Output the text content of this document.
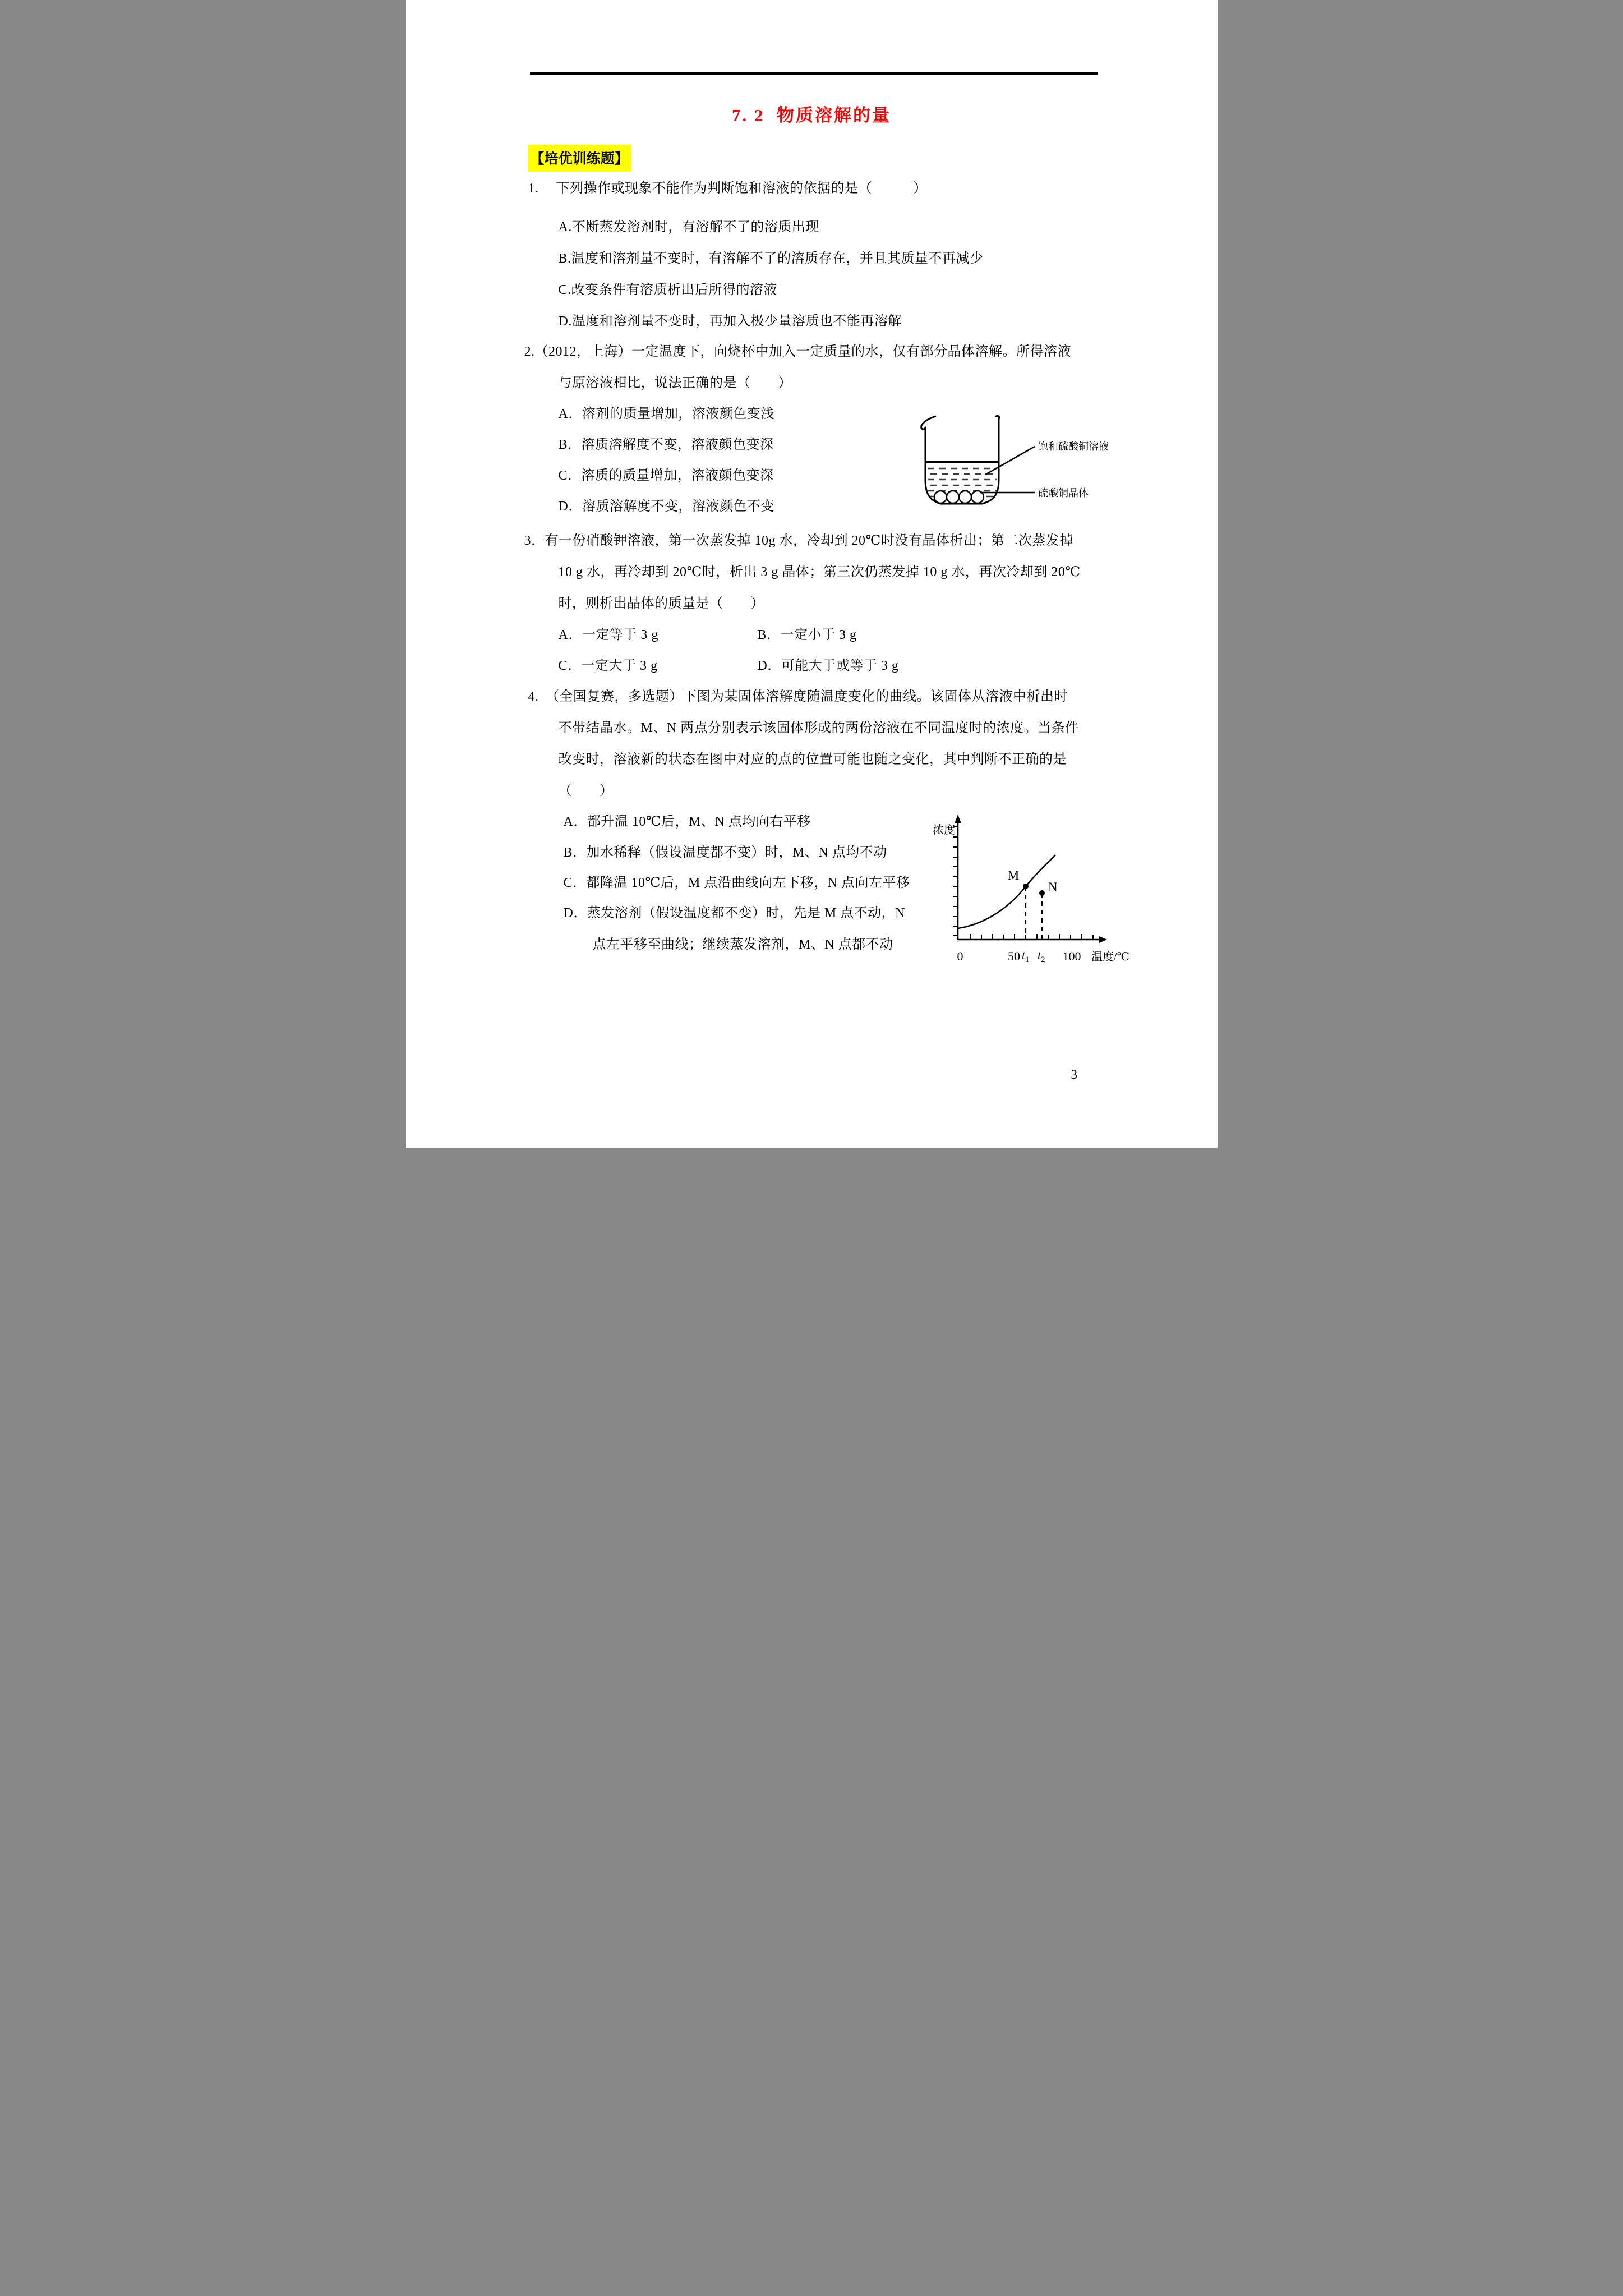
7. 2  物质溶解的量
【培优训练题】
1.　 下列操作或现象不能作为判断饱和溶液的依据的是（　　　）
A.不断蒸发溶剂时，有溶解不了的溶质出现
B.温度和溶剂量不变时，有溶解不了的溶质存在，并且其质量不再减少
C.改变条件有溶质析出后所得的溶液
D.温度和溶剂量不变时，再加入极少量溶质也不能再溶解
2.（2012，上海）一定温度下，向烧杯中加入一定质量的水，仅有部分晶体溶解。所得溶液
与原溶液相比，说法正确的是（　　）
A．溶剂的质量增加，溶液颜色变浅
B．溶质溶解度不变，溶液颜色变深
C．溶质的质量增加，溶液颜色变深
D．溶质溶解度不变，溶液颜色不变
饱和硫酸铜溶液
硫酸铜晶体
3．有一份硝酸钾溶液，第一次蒸发掉 10g 水，冷却到 20℃时没有晶体析出；第二次蒸发掉
10 g 水，再冷却到 20℃时，析出 3 g 晶体；第三次仍蒸发掉 10 g 水，再次冷却到 20℃
时，则析出晶体的质量是（　　）
A．一定等于 3 g	B．一定小于 3 g
C．一定大于 3 g	D．可能大于或等于 3 g
4.　（全国复赛，多选题）下图为某固体溶解度随温度变化的曲线。该固体从溶液中析出时
不带结晶水。M、N 两点分别表示该固体形成的两份溶液在不同温度时的浓度。当条件
改变时，溶液新的状态在图中对应的点的位置可能也随之变化，其中判断不正确的是
（　　）
A．都升温 10℃后，M、N 点均向右平移
B．加水稀释（假设温度都不变）时，M、N 点均不动
C．都降温 10℃后，M 点沿曲线向左下移，N 点向左平移
D．蒸发溶剂（假设温度都不变）时，先是 M 点不动，N
点左平移至曲线；继续蒸发溶剂，M、N 点都不动
浓度
温度/℃
0	50 $t_1$ $t_2$ 100
M
N
3
